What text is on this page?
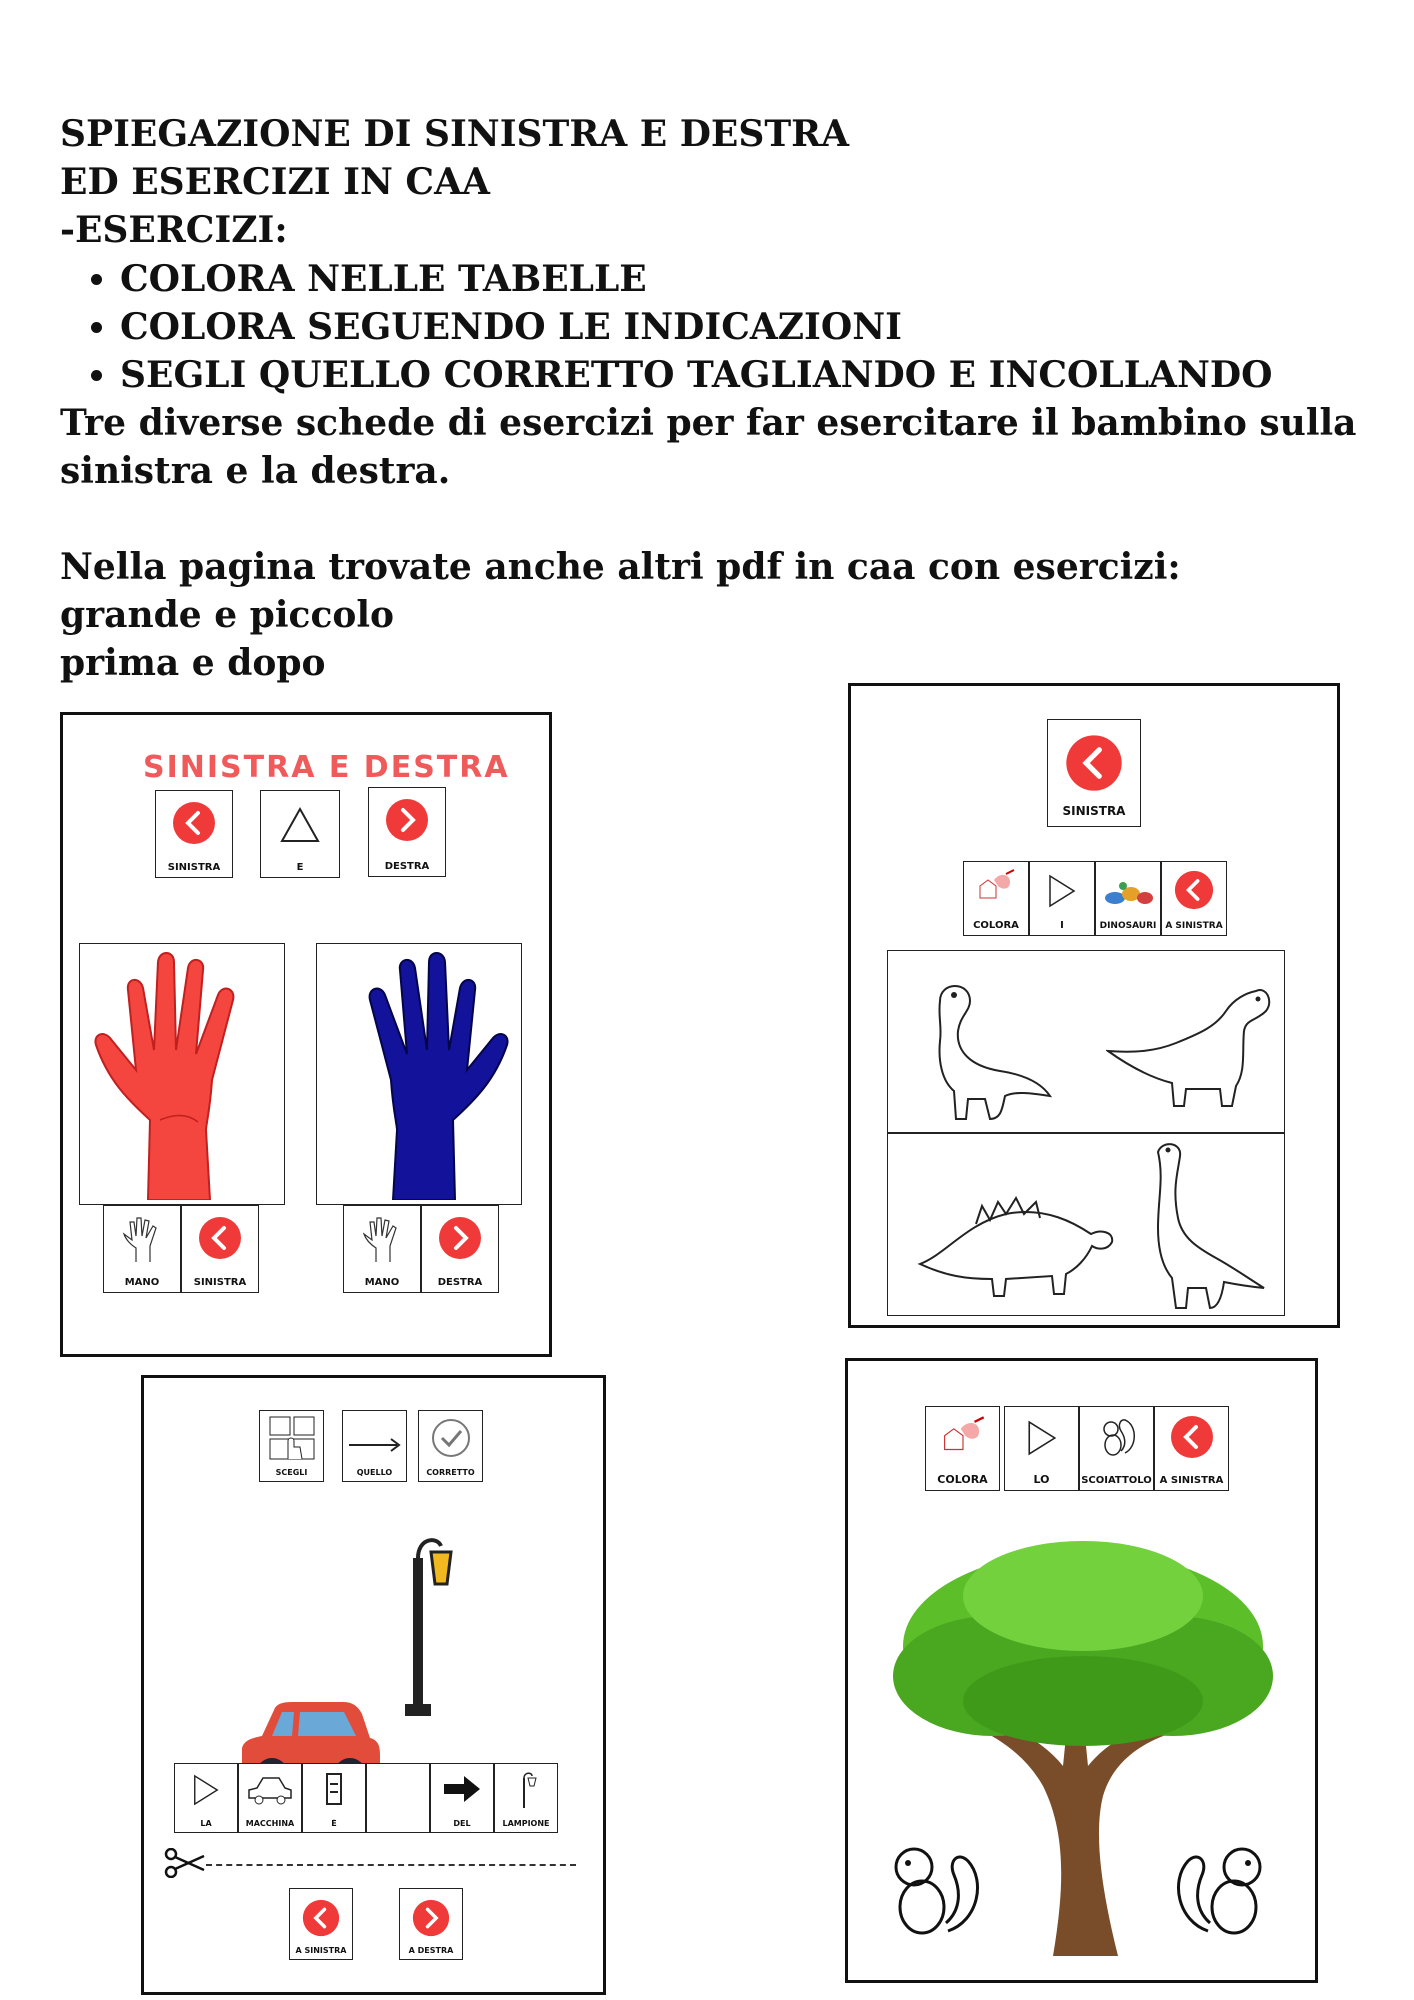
SPIEGAZIONE DI SINISTRA E DESTRA
ED ESERCIZI IN CAA
-ESERCIZI:
• COLORA NELLE TABELLE
• COLORA SEGUENDO LE INDICAZIONI
• SEGLI QUELLO CORRETTO TAGLIANDO E INCOLLANDO
Tre diverse schede di esercizi per far esercitare il bambino sulla sinistra e la destra.
Nella pagina trovate anche altri pdf in caa con esercizi:
grande e piccolo
prima e dopo
SINISTRA E DESTRA
SINISTRA	E	DESTRA
MANO	SINISTRA	MANO	DESTRA
SINISTRA
COLORA	I	DINOSAURI A SINISTRA
SCEGLI	QUELLO	CORRETTO
LA	MACCHINA	È	DEL	LAMPIONE
A SINISTRA	A DESTRA
COLORA	LO	SCOIATTOLO A SINISTRA
